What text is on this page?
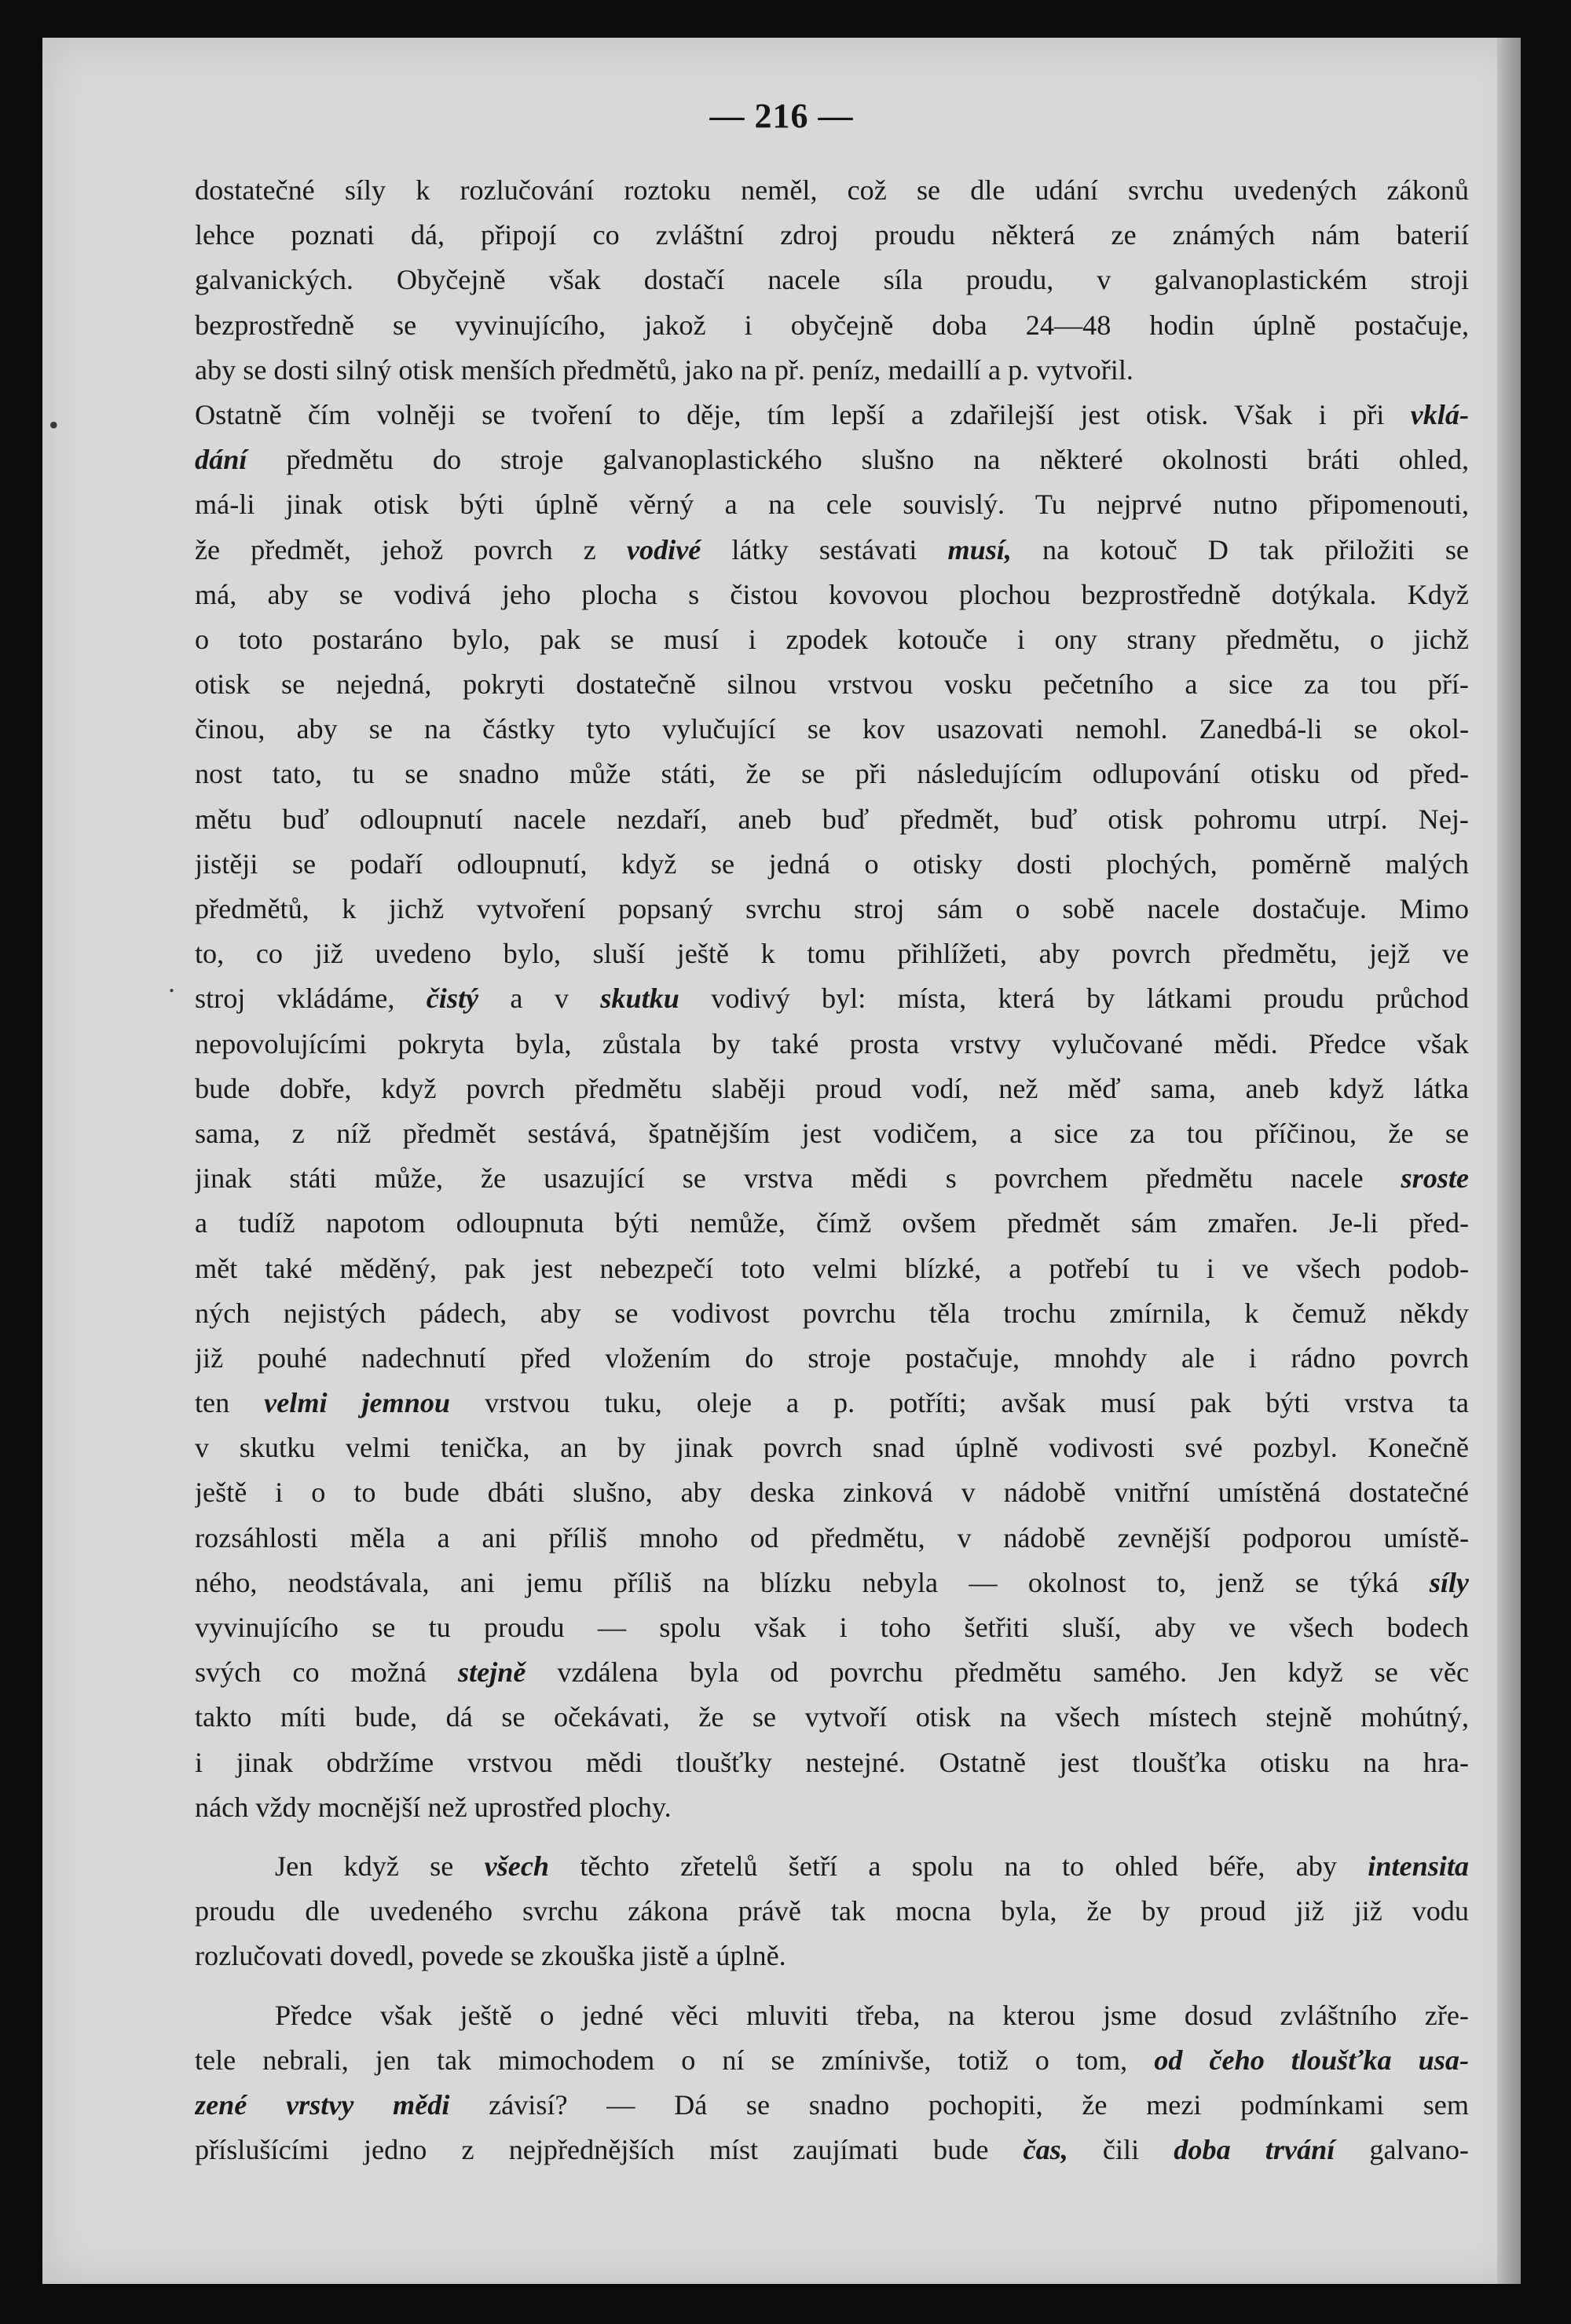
— 216 —
•
.
dostatečné síly k rozlučování roztoku neměl, což se dle udání svrchu uvedených zákonů
lehce poznati dá, připojí co zvláštní zdroj proudu některá ze známých nám baterií
galvanických. Obyčejně však dostačí nacele síla proudu, v galvanoplastickém stroji
bezprostředně se vyvinujícího, jakož i obyčejně doba 24—48 hodin úplně postačuje,
aby se dosti silný otisk menších předmětů, jako na př. peníz, medaillí a p. vytvořil.
Ostatně čím volněji se tvoření to děje, tím lepší a zdařilejší jest otisk. Však i při vklá-
dání předmětu do stroje galvanoplastického slušno na některé okolnosti bráti ohled,
má-li jinak otisk býti úplně věrný a na cele souvislý. Tu nejprvé nutno připomenouti,
že předmět, jehož povrch z vodivé látky sestávati musí, na kotouč D tak přiložiti se
má, aby se vodivá jeho plocha s čistou kovovou plochou bezprostředně dotýkala. Když
o toto postaráno bylo, pak se musí i zpodek kotouče i ony strany předmětu, o jichž
otisk se nejedná, pokryti dostatečně silnou vrstvou vosku pečetního a sice za tou pří-
činou, aby se na částky tyto vylučující se kov usazovati nemohl. Zanedbá-li se okol-
nost tato, tu se snadno může státi, že se při následujícím odlupování otisku od před-
mětu buď odloupnutí nacele nezdaří, aneb buď předmět, buď otisk pohromu utrpí. Nej-
jistěji se podaří odloupnutí, když se jedná o otisky dosti plochých, poměrně malých
předmětů, k jichž vytvoření popsaný svrchu stroj sám o sobě nacele dostačuje. Mimo
to, co již uvedeno bylo, sluší ještě k tomu přihlížeti, aby povrch předmětu, jejž ve
stroj vkládáme, čistý a v skutku vodivý byl: místa, která by látkami proudu průchod
nepovolujícími pokryta byla, zůstala by také prosta vrstvy vylučované mědi. Předce však
bude dobře, když povrch předmětu slaběji proud vodí, než měď sama, aneb když látka
sama, z níž předmět sestává, špatnějším jest vodičem, a sice za tou příčinou, že se
jinak státi může, že usazující se vrstva mědi s povrchem předmětu nacele sroste
a tudíž napotom odloupnuta býti nemůže, čímž ovšem předmět sám zmařen. Je-li před-
mět také měděný, pak jest nebezpečí toto velmi blízké, a potřebí tu i ve všech podob-
ných nejistých pádech, aby se vodivost povrchu těla trochu zmírnila, k čemuž někdy
již pouhé nadechnutí před vložením do stroje postačuje, mnohdy ale i rádno povrch
ten velmi jemnou vrstvou tuku, oleje a p. potříti; avšak musí pak býti vrstva ta
v skutku velmi tenička, an by jinak povrch snad úplně vodivosti své pozbyl. Konečně
ještě i o to bude dbáti slušno, aby deska zinková v nádobě vnitřní umístěná dostatečné
rozsáhlosti měla a ani příliš mnoho od předmětu, v nádobě zevnější podporou umístě-
ného, neodstávala, ani jemu příliš na blízku nebyla — okolnost to, jenž se týká síly
vyvinujícího se tu proudu — spolu však i toho šetřiti sluší, aby ve všech bodech
svých co možná stejně vzdálena byla od povrchu předmětu samého. Jen když se věc
takto míti bude, dá se očekávati, že se vytvoří otisk na všech místech stejně mohútný,
i jinak obdržíme vrstvou mědi tloušťky nestejné. Ostatně jest tloušťka otisku na hra-
nách vždy mocnější než uprostřed plochy.
Jen když se všech těchto zřetelů šetří a spolu na to ohled béře, aby intensita
proudu dle uvedeného svrchu zákona právě tak mocna byla, že by proud již již vodu
rozlučovati dovedl, povede se zkouška jistě a úplně.
Předce však ještě o jedné věci mluviti třeba, na kterou jsme dosud zvláštního zře-
tele nebrali, jen tak mimochodem o ní se zmínivše, totiž o tom, od čeho tloušťka usa-
zené vrstvy mědi závisí? — Dá se snadno pochopiti, že mezi podmínkami sem
příslušícími jedno z nejpřednějších míst zaujímati bude čas, čili doba trvání galvano-
